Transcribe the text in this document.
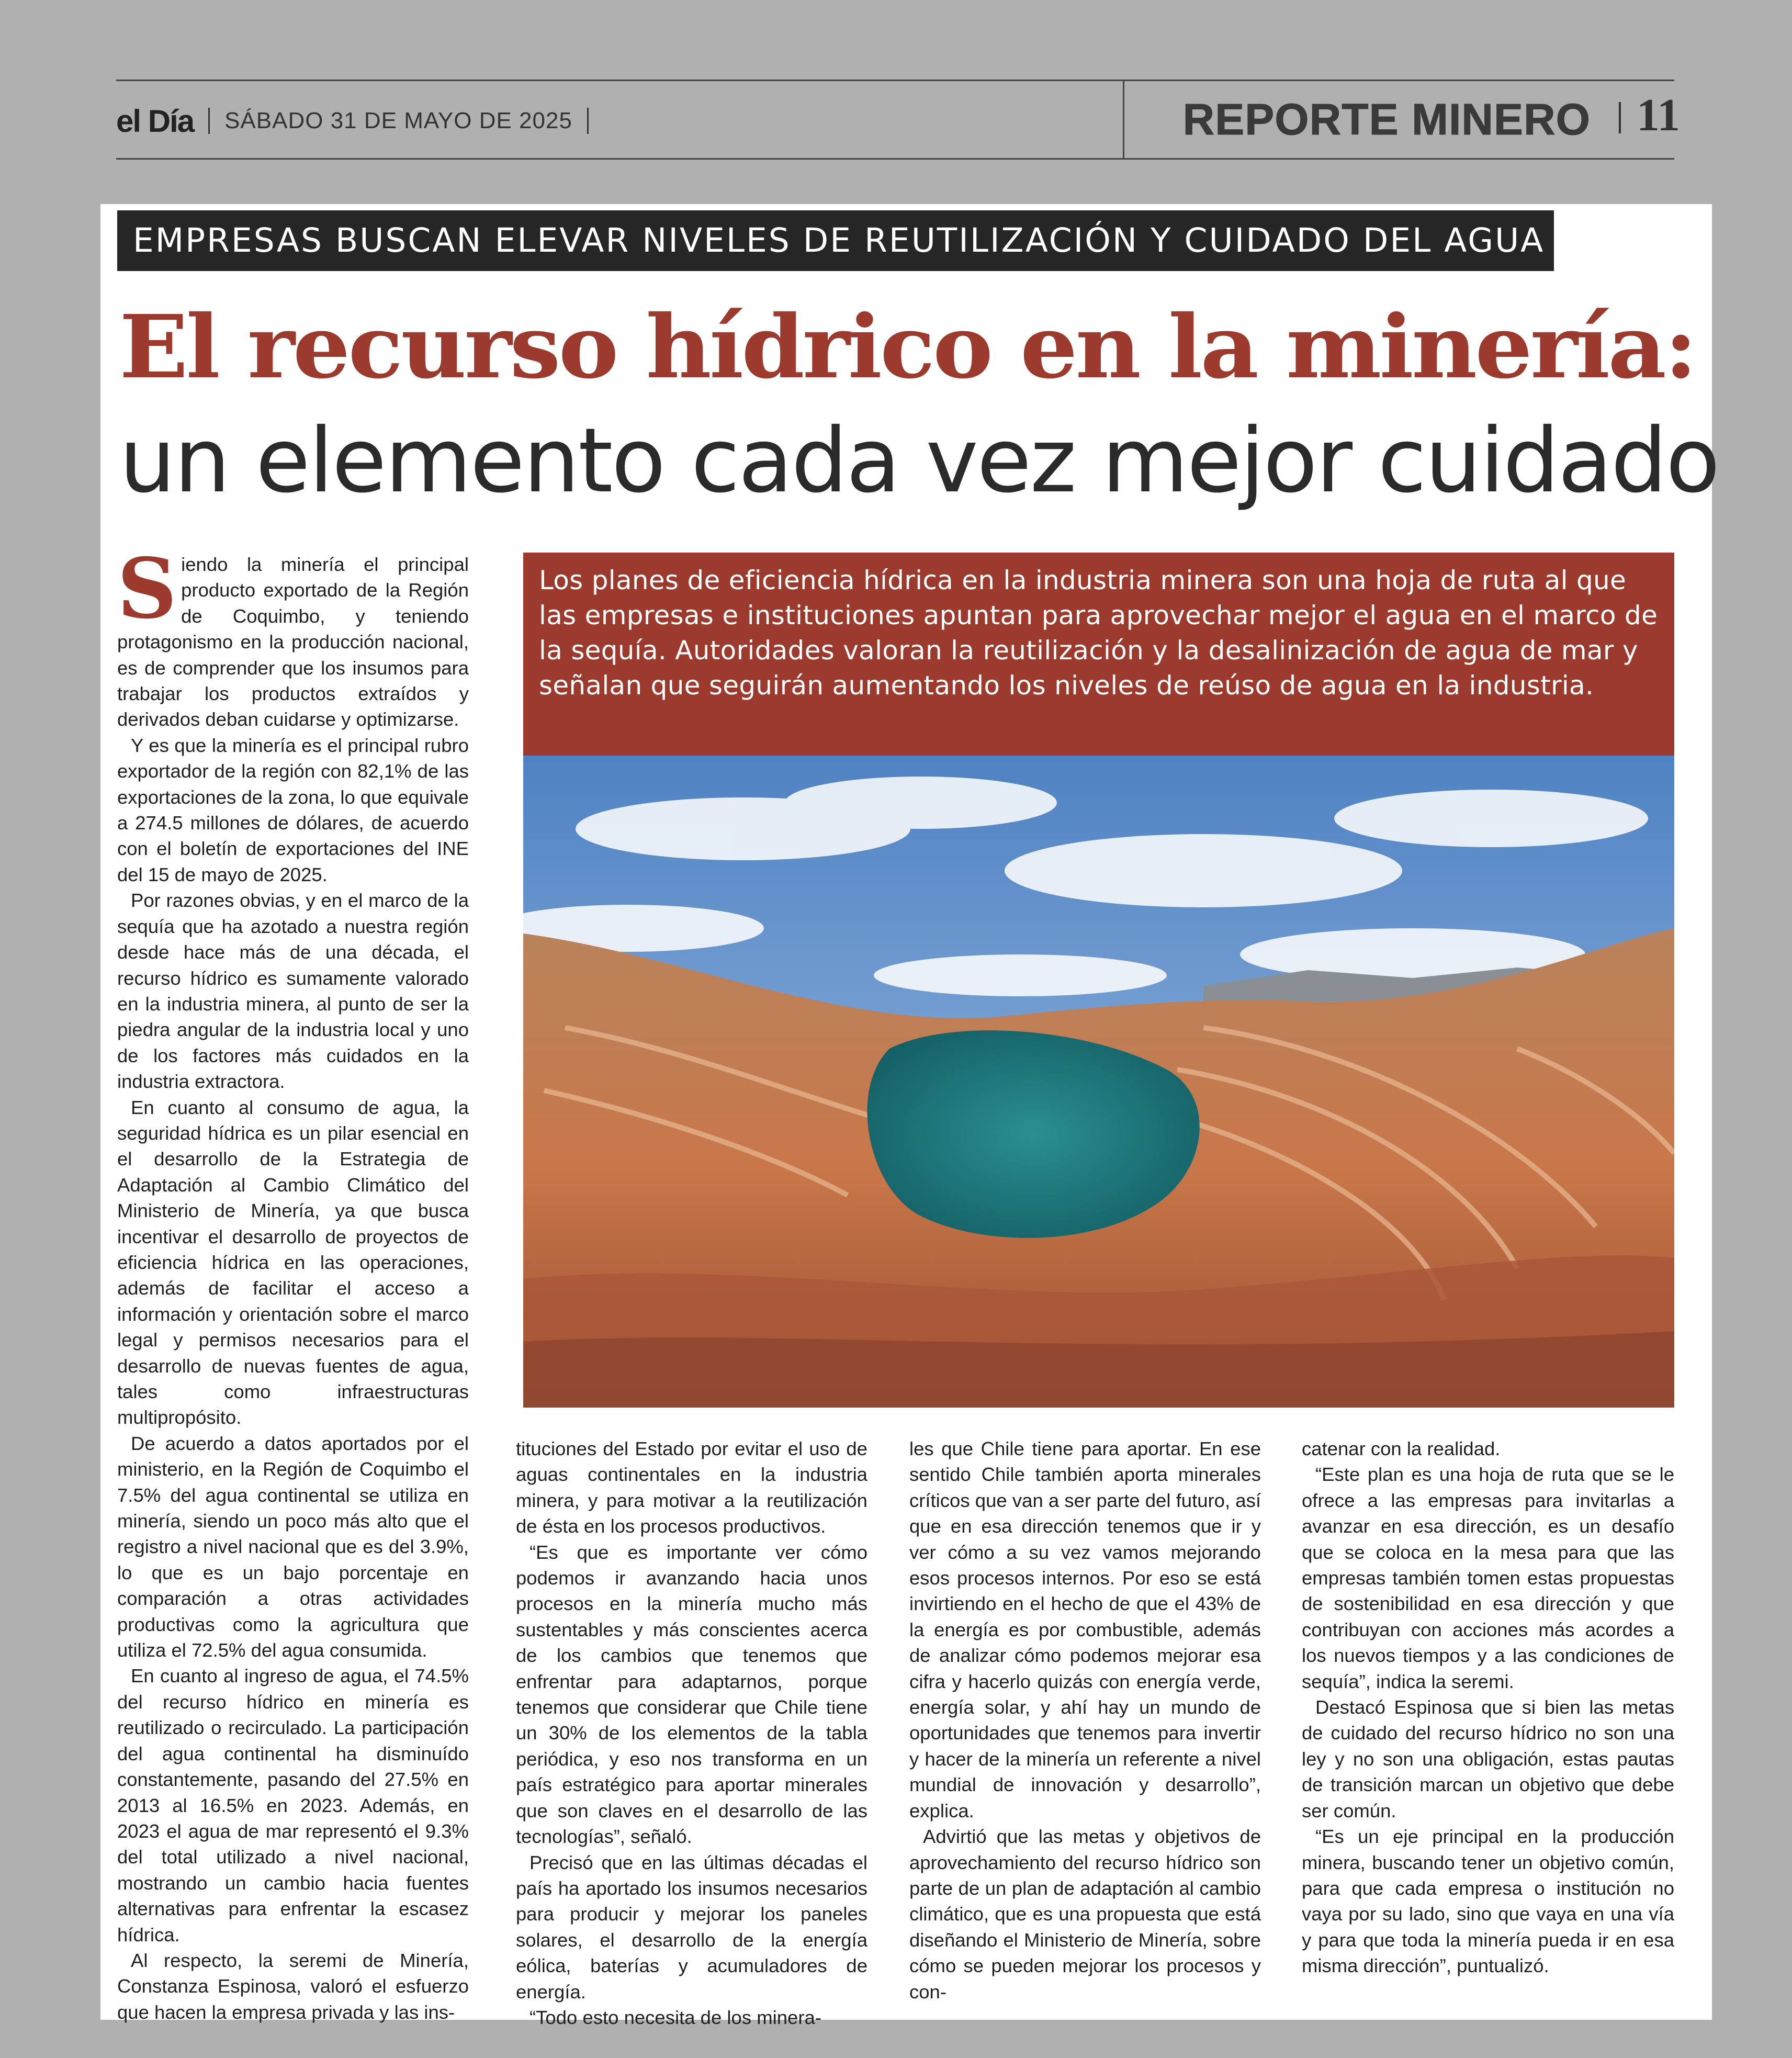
el Día SÁBADO 31 DE MAYO DE 2025	REPORTE MINERO 11
EMPRESAS BUSCAN ELEVAR NIVELES DE REUTILIZACIÓN Y CUIDADO DEL AGUA
El recurso hídrico en la minería:
un elemento cada vez mejor cuidado
Los planes de eficiencia hídrica en la industria minera son una hoja de ruta al que las empresas e instituciones apuntan para aprovechar mejor el agua en el marco de la sequía. Autoridades valoran la reutilización y la desalinización de agua de mar y señalan que seguirán aumentando los niveles de reúso de agua en la industria.

Siendo la minería el principal producto exportado de la Región de Coquimbo, y teniendo protagonismo en la producción nacional, es de comprender que los insumos para trabajar los productos extraídos y derivados deban cuidarse y optimizarse.

Y es que la minería es el principal rubro exportador de la región con 82,1% de las exportaciones de la zona, lo que equivale a 274.5 millones de dólares, de acuerdo con el boletín de exportaciones del INE del 15 de mayo de 2025.

Por razones obvias, y en el marco de la sequía que ha azotado a nuestra región desde hace más de una década, el recurso hídrico es sumamente valorado en la industria minera, al punto de ser la piedra angular de la industria local y uno de los factores más cuidados en la industria extractora.

En cuanto al consumo de agua, la seguridad hídrica es un pilar esencial en el desarrollo de la Estrategia de Adaptación al Cambio Climático del Ministerio de Minería, ya que busca incentivar el desarrollo de proyectos de eficiencia hídrica en las operaciones, además de facilitar el acceso a información y orientación sobre el marco legal y permisos necesarios para el desarrollo de nuevas fuentes de agua, tales como infraestructuras multipropósito.

De acuerdo a datos aportados por el ministerio, en la Región de Coquimbo el 7.5% del agua continental se utiliza en minería, siendo un poco más alto que el registro a nivel nacional que es del 3.9%, lo que es un bajo porcentaje en comparación a otras actividades productivas como la agricultura que utiliza el 72.5% del agua consumida.

En cuanto al ingreso de agua, el 74.5% del recurso hídrico en minería es reutilizado o recirculado. La participación del agua continental ha disminuído constantemente, pasando del 27.5% en 2013 al 16.5% en 2023. Además, en 2023 el agua de mar representó el 9.3% del total utilizado a nivel nacional, mostrando un cambio hacia fuentes alternativas para enfrentar la escasez hídrica.

Al respecto, la seremi de Minería, Constanza Espinosa, valoró el esfuerzo que hacen la empresa privada y las ins-

tituciones del Estado por evitar el uso de aguas continentales en la industria minera, y para motivar a la reutilización de ésta en los procesos productivos.

“Es que es importante ver cómo podemos ir avanzando hacia unos procesos en la minería mucho más sustentables y más conscientes acerca de los cambios que tenemos que enfrentar para adaptarnos, porque tenemos que considerar que Chile tiene un 30% de los elementos de la tabla periódica, y eso nos transforma en un país estratégico para aportar minerales que son claves en el desarrollo de las tecnologías”, señaló.

Precisó que en las últimas décadas el país ha aportado los insumos necesarios para producir y mejorar los paneles solares, el desarrollo de la energía eólica, baterías y acumuladores de energía.

“Todo esto necesita de los minera-

les que Chile tiene para aportar. En ese sentido Chile también aporta minerales críticos que van a ser parte del futuro, así que en esa dirección tenemos que ir y ver cómo a su vez vamos mejorando esos procesos internos. Por eso se está invirtiendo en el hecho de que el 43% de la energía es por combustible, además de analizar cómo podemos mejorar esa cifra y hacerlo quizás con energía verde, energía solar, y ahí hay un mundo de oportunidades que tenemos para invertir y hacer de la minería un referente a nivel mundial de innovación y desarrollo”, explica.

Advirtió que las metas y objetivos de aprovechamiento del recurso hídrico son parte de un plan de adaptación al cambio climático, que es una propuesta que está diseñando el Ministerio de Minería, sobre cómo se pueden mejorar los procesos y con-

catenar con la realidad.

“Este plan es una hoja de ruta que se le ofrece a las empresas para invitarlas a avanzar en esa dirección, es un desafío que se coloca en la mesa para que las empresas también tomen estas propuestas de sostenibilidad en esa dirección y que contribuyan con acciones más acordes a los nuevos tiempos y a las condiciones de sequía”, indica la seremi.

Destacó Espinosa que si bien las metas de cuidado del recurso hídrico no son una ley y no son una obligación, estas pautas de transición marcan un objetivo que debe ser común.

“Es un eje principal en la producción minera, buscando tener un objetivo común, para que cada empresa o institución no vaya por su lado, sino que vaya en una vía y para que toda la minería pueda ir en esa misma dirección”, puntualizó.
